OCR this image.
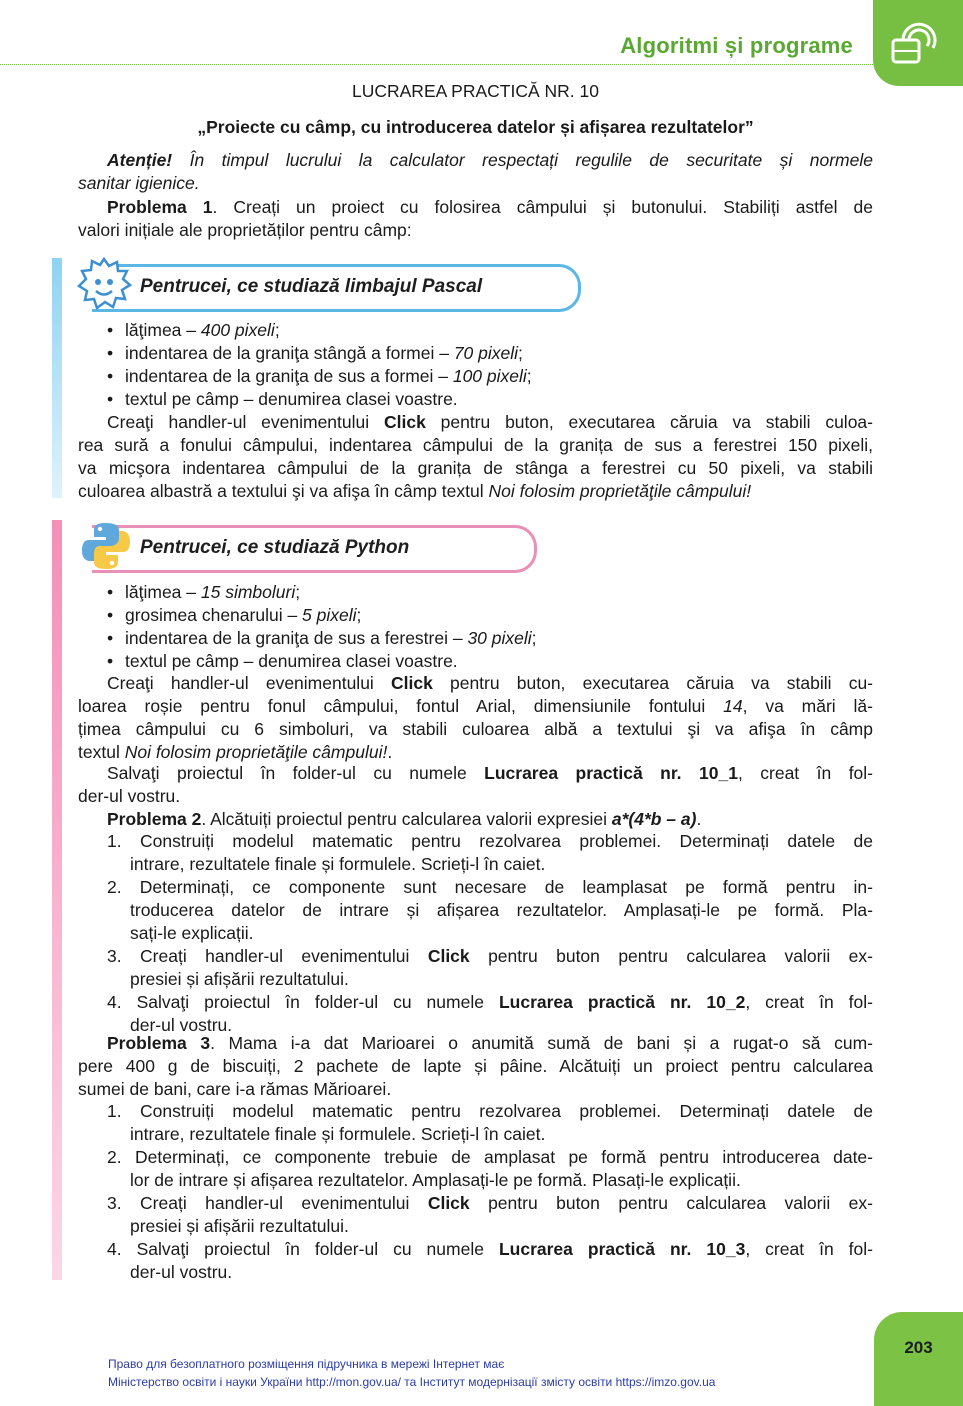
Algoritmi și programe
LUCRAREA PRACTICĂ NR. 10
„Proiecte cu câmp, cu introducerea datelor și afișarea rezultatelor”
Atenție! În timpul lucrului la calculator respectați regulile de securitate și normele
sanitar igienice.
Problema 1. Creați un proiect cu folosirea câmpului și butonului. Stabiliți astfel de
valori inițiale ale proprietăților pentru câmp:
Pentrucei, ce studiază limbajul Pascal
• lăţimea – 400 pixeli;
• indentarea de la graniţa stângă a formei – 70 pixeli;
• indentarea de la graniţa de sus a formei – 100 pixeli;
• textul pe câmp – denumirea clasei voastre.
Creaţi handler-ul evenimentului Click pentru buton, executarea căruia va stabili culoa-
rea sură a fonului câmpului, indentarea câmpului de la granița de sus a ferestrei 150 pixeli,
va micşora indentarea câmpului de la granița de stânga a ferestrei cu 50 pixeli, va stabili
culoarea albastră a textului şi va afişa în câmp textul Noi folosim proprietăţile câmpului!
Pentrucei, ce studiază Python
• lăţimea – 15 simboluri;
• grosimea chenarului – 5 pixeli;
• indentarea de la graniţa de sus a ferestrei – 30 pixeli;
• textul pe câmp – denumirea clasei voastre.
Creaţi handler-ul evenimentului Click pentru buton, executarea căruia va stabili cu-
loarea roșie pentru fonul câmpului, fontul Arial, dimensiunile fontului 14, va mări lă-
țimea câmpului cu 6 simboluri, va stabili culoarea albă a textului şi va afişa în câmp
textul Noi folosim proprietăţile câmpului!.
Salvaţi proiectul în folder-ul cu numele Lucrarea practică nr. 10_1, creat în fol-
der-ul vostru.
Problema 2. Alcătuiți proiectul pentru calcularea valorii expresiei a*(4*b – a).
1. Construiți modelul matematic pentru rezolvarea problemei. Determinați datele de
intrare, rezultatele finale și formulele. Scrieți-l în caiet.
2. Determinați, ce componente sunt necesare de leamplasat pe formă pentru in-
troducerea datelor de intrare și afișarea rezultatelor. Amplasați-le pe formă. Pla-
sați-le explicații.
3. Creați handler-ul evenimentului Click pentru buton pentru calcularea valorii ex-
presiei și afișării rezultatului.
4. Salvaţi proiectul în folder-ul cu numele Lucrarea practică nr. 10_2, creat în fol-
der-ul vostru.
Problema 3. Mama i-a dat Marioarei o anumită sumă de bani și a rugat-o să cum-
pere 400 g de biscuiți, 2 pachete de lapte și pâine. Alcătuiți un proiect pentru calcularea
sumei de bani, care i-a rămas Mărioarei.
1. Construiți modelul matematic pentru rezolvarea problemei. Determinați datele de
intrare, rezultatele finale și formulele. Scrieți-l în caiet.
2. Determinați, ce componente trebuie de amplasat pe formă pentru introducerea date-
lor de intrare și afișarea rezultatelor. Amplasați-le pe formă. Plasați-le explicații.
3. Creați handler-ul evenimentului Click pentru buton pentru calcularea valorii ex-
presiei și afișării rezultatului.
4. Salvaţi proiectul în folder-ul cu numele Lucrarea practică nr. 10_3, creat în fol-
der-ul vostru.
203
Право для безоплатного розміщення підручника в мережі Інтернет має
Міністерство освіти і науки України http://mon.gov.ua/ та Інститут модернізації змісту освіти https://imzo.gov.ua
